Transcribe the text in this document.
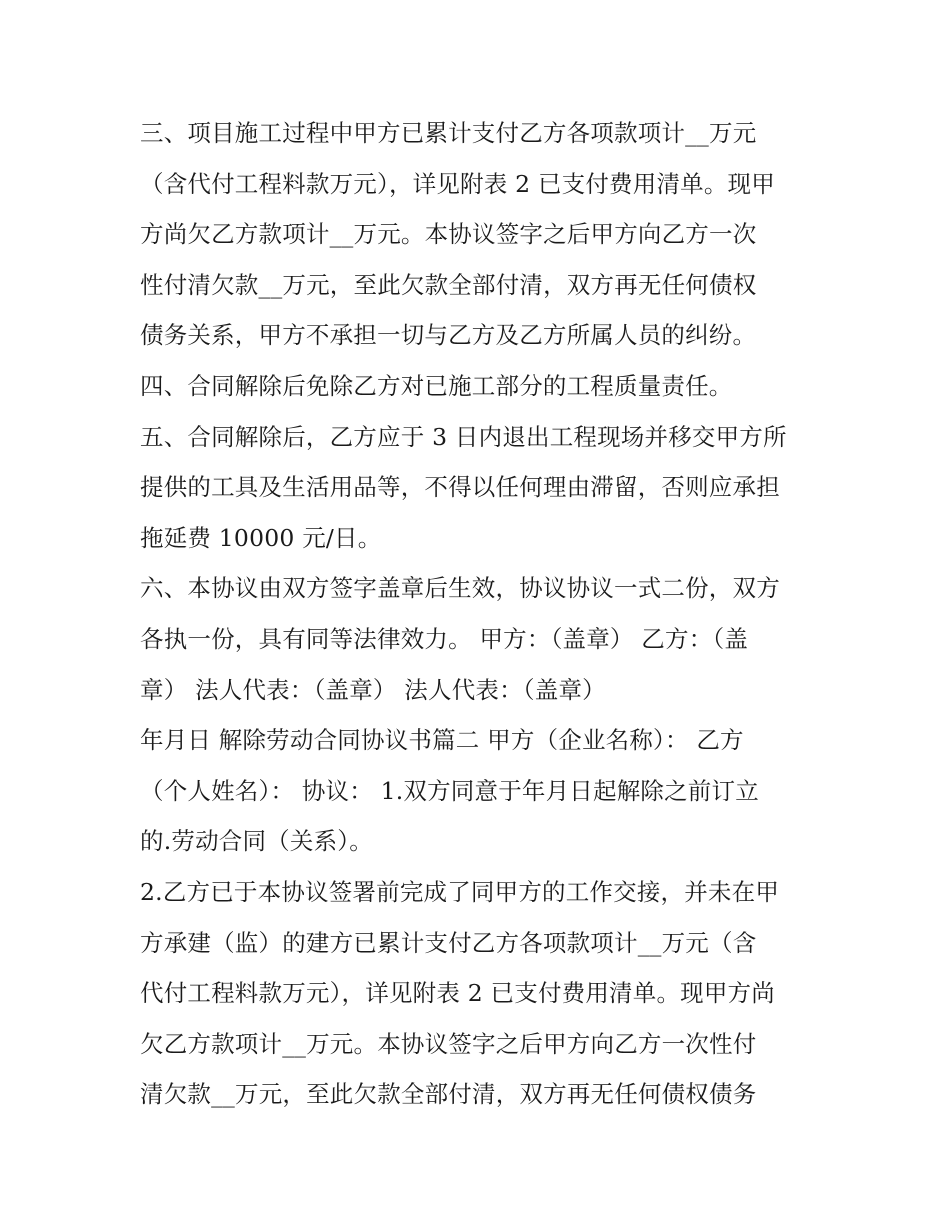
三、项目施工过程中甲方已累计支付乙方各项款项计__万元
（含代付工程料款万元），详见附表 2 已支付费用清单。现甲
方尚欠乙方款项计__万元。本协议签字之后甲方向乙方一次
性付清欠款__万元，至此欠款全部付清，双方再无任何债权
债务关系，甲方不承担一切与乙方及乙方所属人员的纠纷。
四、合同解除后免除乙方对已施工部分的工程质量责任。
五、合同解除后，乙方应于 3 日内退出工程现场并移交甲方所
提供的工具及生活用品等，不得以任何理由滞留，否则应承担
拖延费 10000 元/日。
六、本协议由双方签字盖章后生效，协议协议一式二份，双方
各执一份，具有同等法律效力。 甲方：（盖章） 乙方：（盖
章） 法人代表：（盖章） 法人代表：（盖章）
年月日 解除劳动合同协议书篇二 甲方（企业名称）： 乙方
（个人姓名）： 协议： 1.双方同意于年月日起解除之前订立
的.劳动合同（关系）。
2.乙方已于本协议签署前完成了同甲方的工作交接，并未在甲
方承建（监）的建方已累计支付乙方各项款项计__万元（含
代付工程料款万元），详见附表 2 已支付费用清单。现甲方尚
欠乙方款项计__万元。本协议签字之后甲方向乙方一次性付
清欠款__万元，至此欠款全部付清，双方再无任何债权债务
